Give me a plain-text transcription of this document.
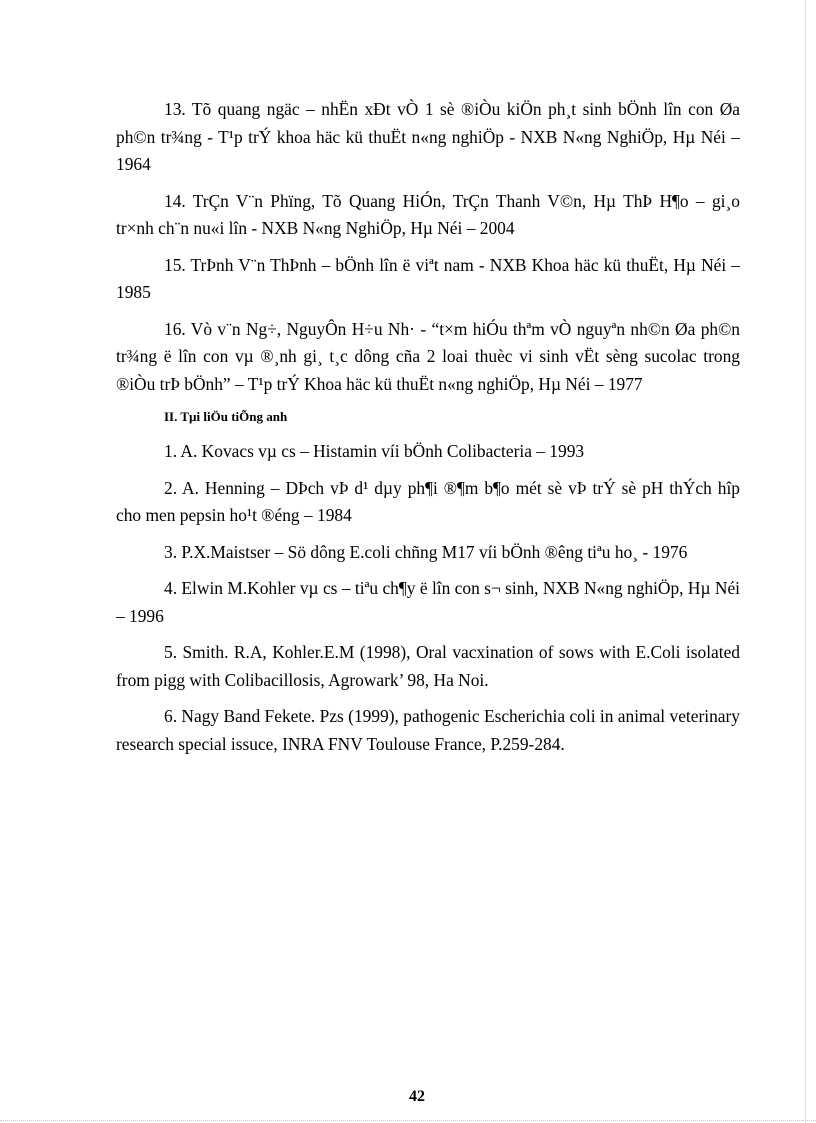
13. Tõ quang ngäc – nhËn xÐt vÒ 1 sè ®iÒu kiÖn ph¸t sinh bÖnh lîn con Øa ph©n tr¾ng - T¹p trÝ khoa häc kü thuËt n«ng nghiÖp - NXB N«ng NghiÖp, Hµ Néi – 1964

14. TrÇn V¨n Phïng, Tõ Quang HiÓn, TrÇn Thanh V©n, Hµ ThÞ H¶o – gi¸o tr×nh ch¨n nu«i lîn - NXB N«ng NghiÖp, Hµ Néi – 2004

15. TrÞnh V¨n ThÞnh – bÖnh lîn ë viªt nam - NXB Khoa häc kü thuËt, Hµ Néi – 1985

16. Vò v¨n Ng÷, NguyÔn H÷u Nh· - “t×m hiÓu thªm vÒ nguyªn nh©n Øa ph©n tr¾ng ë lîn con vµ ®¸nh gi¸ t¸c dông cña 2 loai thuèc vi sinh vËt sèng sucolac trong ®iÒu trÞ bÖnh” – T¹p trÝ Khoa häc kü thuËt n«ng nghiÖp, Hµ Néi – 1977

II. Tµi liÖu tiÕng anh

1. A. Kovacs vµ cs – Histamin víi bÖnh Colibacteria – 1993

2. A. Henning – DÞch vÞ d¹ dµy ph¶i ®¶m b¶o mét sè vÞ trÝ sè pH thÝch hîp cho men pepsin ho¹t ®éng – 1984

3. P.X.Maistser – Sö dông E.coli chñng M17 víi bÖnh ®êng tiªu ho¸ - 1976

4. Elwin M.Kohler vµ cs – tiªu ch¶y ë lîn con s¬ sinh, NXB N«ng nghiÖp, Hµ Néi – 1996

5. Smith. R.A, Kohler.E.M (1998), Oral vacxination of sows with E.Coli isolated from pigg with Colibacillosis, Agrowark’ 98, Ha Noi.

6. Nagy Band Fekete. Pzs (1999), pathogenic Escherichia coli in animal veterinary research special issuce, INRA FNV Toulouse France, P.259-284.

42
